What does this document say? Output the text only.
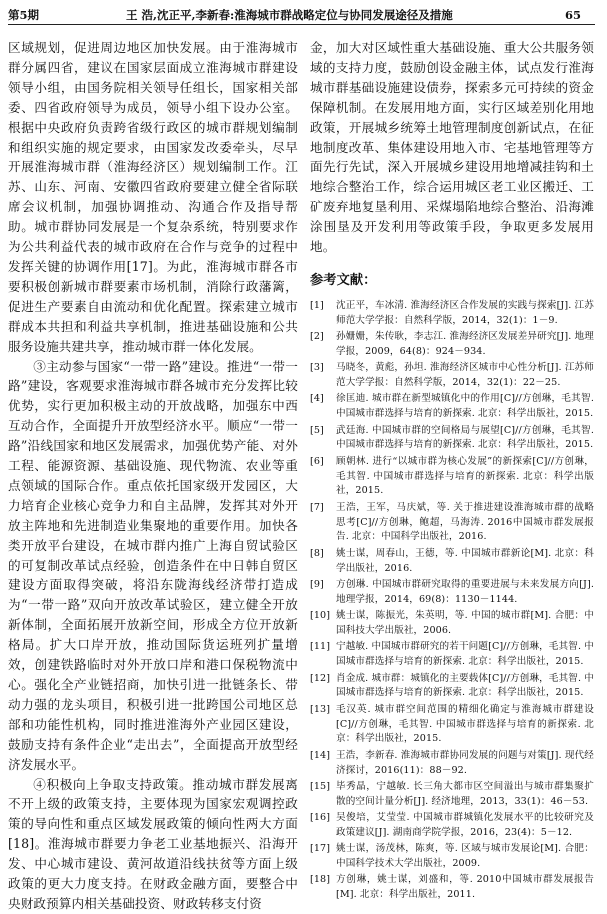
第5期	王 浩,沈正平,李新春:淮海城市群战略定位与协同发展途径及措施	65

区域规划，促进周边地区加快发展。由于淮海城市群分属四省，建议在国家层面成立淮海城市群建设领导小组，由国务院相关领导任组长，国家相关部委、四省政府领导为成员，领导小组下设办公室。根据中央政府负责跨省级行政区的城市群规划编制和组织实施的规定要求，由国家发改委牵头，尽早开展淮海城市群（淮海经济区）规划编制工作。江苏、山东、河南、安徽四省政府要建立健全省际联席会议机制，加强协调推动、沟通合作及指导帮助。城市群协同发展是一个复杂系统，特别要求作为公共利益代表的城市政府在合作与竞争的过程中发挥关键的协调作用[17]。为此，淮海城市群各市要积极创新城市群要素市场机制，消除行政藩篱，促进生产要素自由流动和优化配置。探索建立城市群成本共担和利益共享机制，推进基础设施和公共服务设施共建共享，推动城市群一体化发展。

③主动参与国家“一带一路”建设。推进“一带一路”建设，客观要求淮海城市群各城市充分发挥比较优势，实行更加积极主动的开放战略，加强东中西互动合作，全面提升开放型经济水平。顺应“一带一路”沿线国家和地区发展需求，加强优势产能、对外工程、能源资源、基础设施、现代物流、农业等重点领域的国际合作。重点依托国家级开发园区，大力培育企业核心竞争力和自主品牌，发挥其对外开放主阵地和先进制造业集聚地的重要作用。加快各类开放平台建设，在城市群内推广上海自贸试验区的可复制改革试点经验，创造条件在中日韩自贸区建设方面取得突破，将沿东陇海线经济带打造成为“一带一路”双向开放改革试验区，建立健全开放新体制，全面拓展开放新空间，形成全方位开放新格局。扩大口岸开放，推动国际货运班列扩量增效，创建铁路临时对外开放口岸和港口保税物流中心。强化全产业链招商，加快引进一批链条长、带动力强的龙头项目，积极引进一批跨国公司地区总部和功能性机构，同时推进淮海外产业园区建设，鼓励支持有条件企业“走出去”，全面提高开放型经济发展水平。

④积极向上争取支持政策。推动城市群发展离不开上级的政策支持，主要体现为国家宏观调控政策的导向性和重点区域发展政策的倾向性两大方面[18]。淮海城市群要力争老工业基地振兴、沿海开发、中心城市建设、黄河故道沿线扶贫等方面上级政策的更大力度支持。在财政金融方面，要整合中央财政预算内相关基础投资、财政转移支付资

金，加大对区域性重大基础设施、重大公共服务领域的支持力度，鼓励创设金融主体，试点发行淮海城市群基础设施建设债券，探索多元可持续的资金保障机制。在发展用地方面，实行区域差别化用地政策，开展城乡统筹土地管理制度创新试点，在征地制度改革、集体建设用地入市、宅基地管理等方面先行先试，深入开展城乡建设用地增减挂钩和土地综合整治工作，综合运用城区老工业区搬迁、工矿废弃地复垦利用、采煤塌陷地综合整治、沿海滩涂围垦及开发利用等政策手段，争取更多发展用地。

参考文献：
[1]	沈正平，车冰清. 淮海经济区合作发展的实践与探索[J]. 江苏师范大学学报：自然科学版，2014，32(1)：1－9.
[2]	孙姗姗，朱传耿，李志江. 淮海经济区发展差异研究[J]. 地理学报，2009，64(8)：924－934.
[3]	马晓冬，黄彪，孙坦. 淮海经济区城市中心性分析[J]. 江苏师范大学学报：自然科学版，2014，32(1)：22－25.
[4]	徐匡迪. 城市群在新型城镇化中的作用[C]//方创琳，毛其智. 中国城市群选择与培育的新探索. 北京：科学出版社，2015.
[5]	武廷海. 中国城市群的空间格局与展望[C]//方创琳，毛其智. 中国城市群选择与培育的新探索. 北京：科学出版社，2015.
[6]	顾朝林. 进行“以城市群为核心发展”的新探索[C]//方创琳，毛其智. 中国城市群选择与培育的新探索. 北京：科学出版社，2015.
[7]	王浩，王军，马庆斌，等. 关于推进建设淮海城市群的战略思考[C]//方创琳，鲍超，马海涛. 2016中国城市群发展报告. 北京：中国科学出版社，2016.
[8]	姚士谋，周春山，王德，等. 中国城市群新论[M]. 北京：科学出版社，2016.
[9]	方创琳. 中国城市群研究取得的重要进展与未来发展方向[J]. 地理学报，2014，69(8)：1130－1144.
[10] 姚士谋，陈振光，朱英明，等. 中国的城市群[M]. 合肥：中国科技大学出版社，2006.
[11] 宁越敏. 中国城市群研究的若干问题[C]//方创琳，毛其智. 中国城市群选择与培育的新探索. 北京：科学出版社，2015.
[12] 肖金成. 城市群：城镇化的主要载体[C]//方创琳，毛其智. 中国城市群选择与培育的新探索. 北京：科学出版社，2015.
[13] 毛汉英. 城市群空间范围的精细化确定与淮海城市群建设[C]//方创琳，毛其智. 中国城市群选择与培育的新探索. 北京：科学出版社，2015.
[14] 王浩，李新春. 淮海城市群协同发展的问题与对策[J]. 现代经济探讨，2016(11)：88－92.
[15] 毕秀晶，宁越敏. 长三角大都市区空间溢出与城市群集聚扩散的空间计量分析[J]. 经济地理，2013，33(1)：46－53.
[16] 吴俊培，艾莹莹. 中国城市群城镇化发展水平的比较研究及政策建议[J]. 湖南商学院学报，2016，23(4)：5－12.
[17] 姚士谋，汤茂林，陈爽，等. 区域与城市发展论[M]. 合肥：中国科学技术大学出版社，2009.
[18] 方创琳，姚士谋，刘盛和，等. 2010中国城市群发展报告[M]. 北京：科学出版社，2011.
